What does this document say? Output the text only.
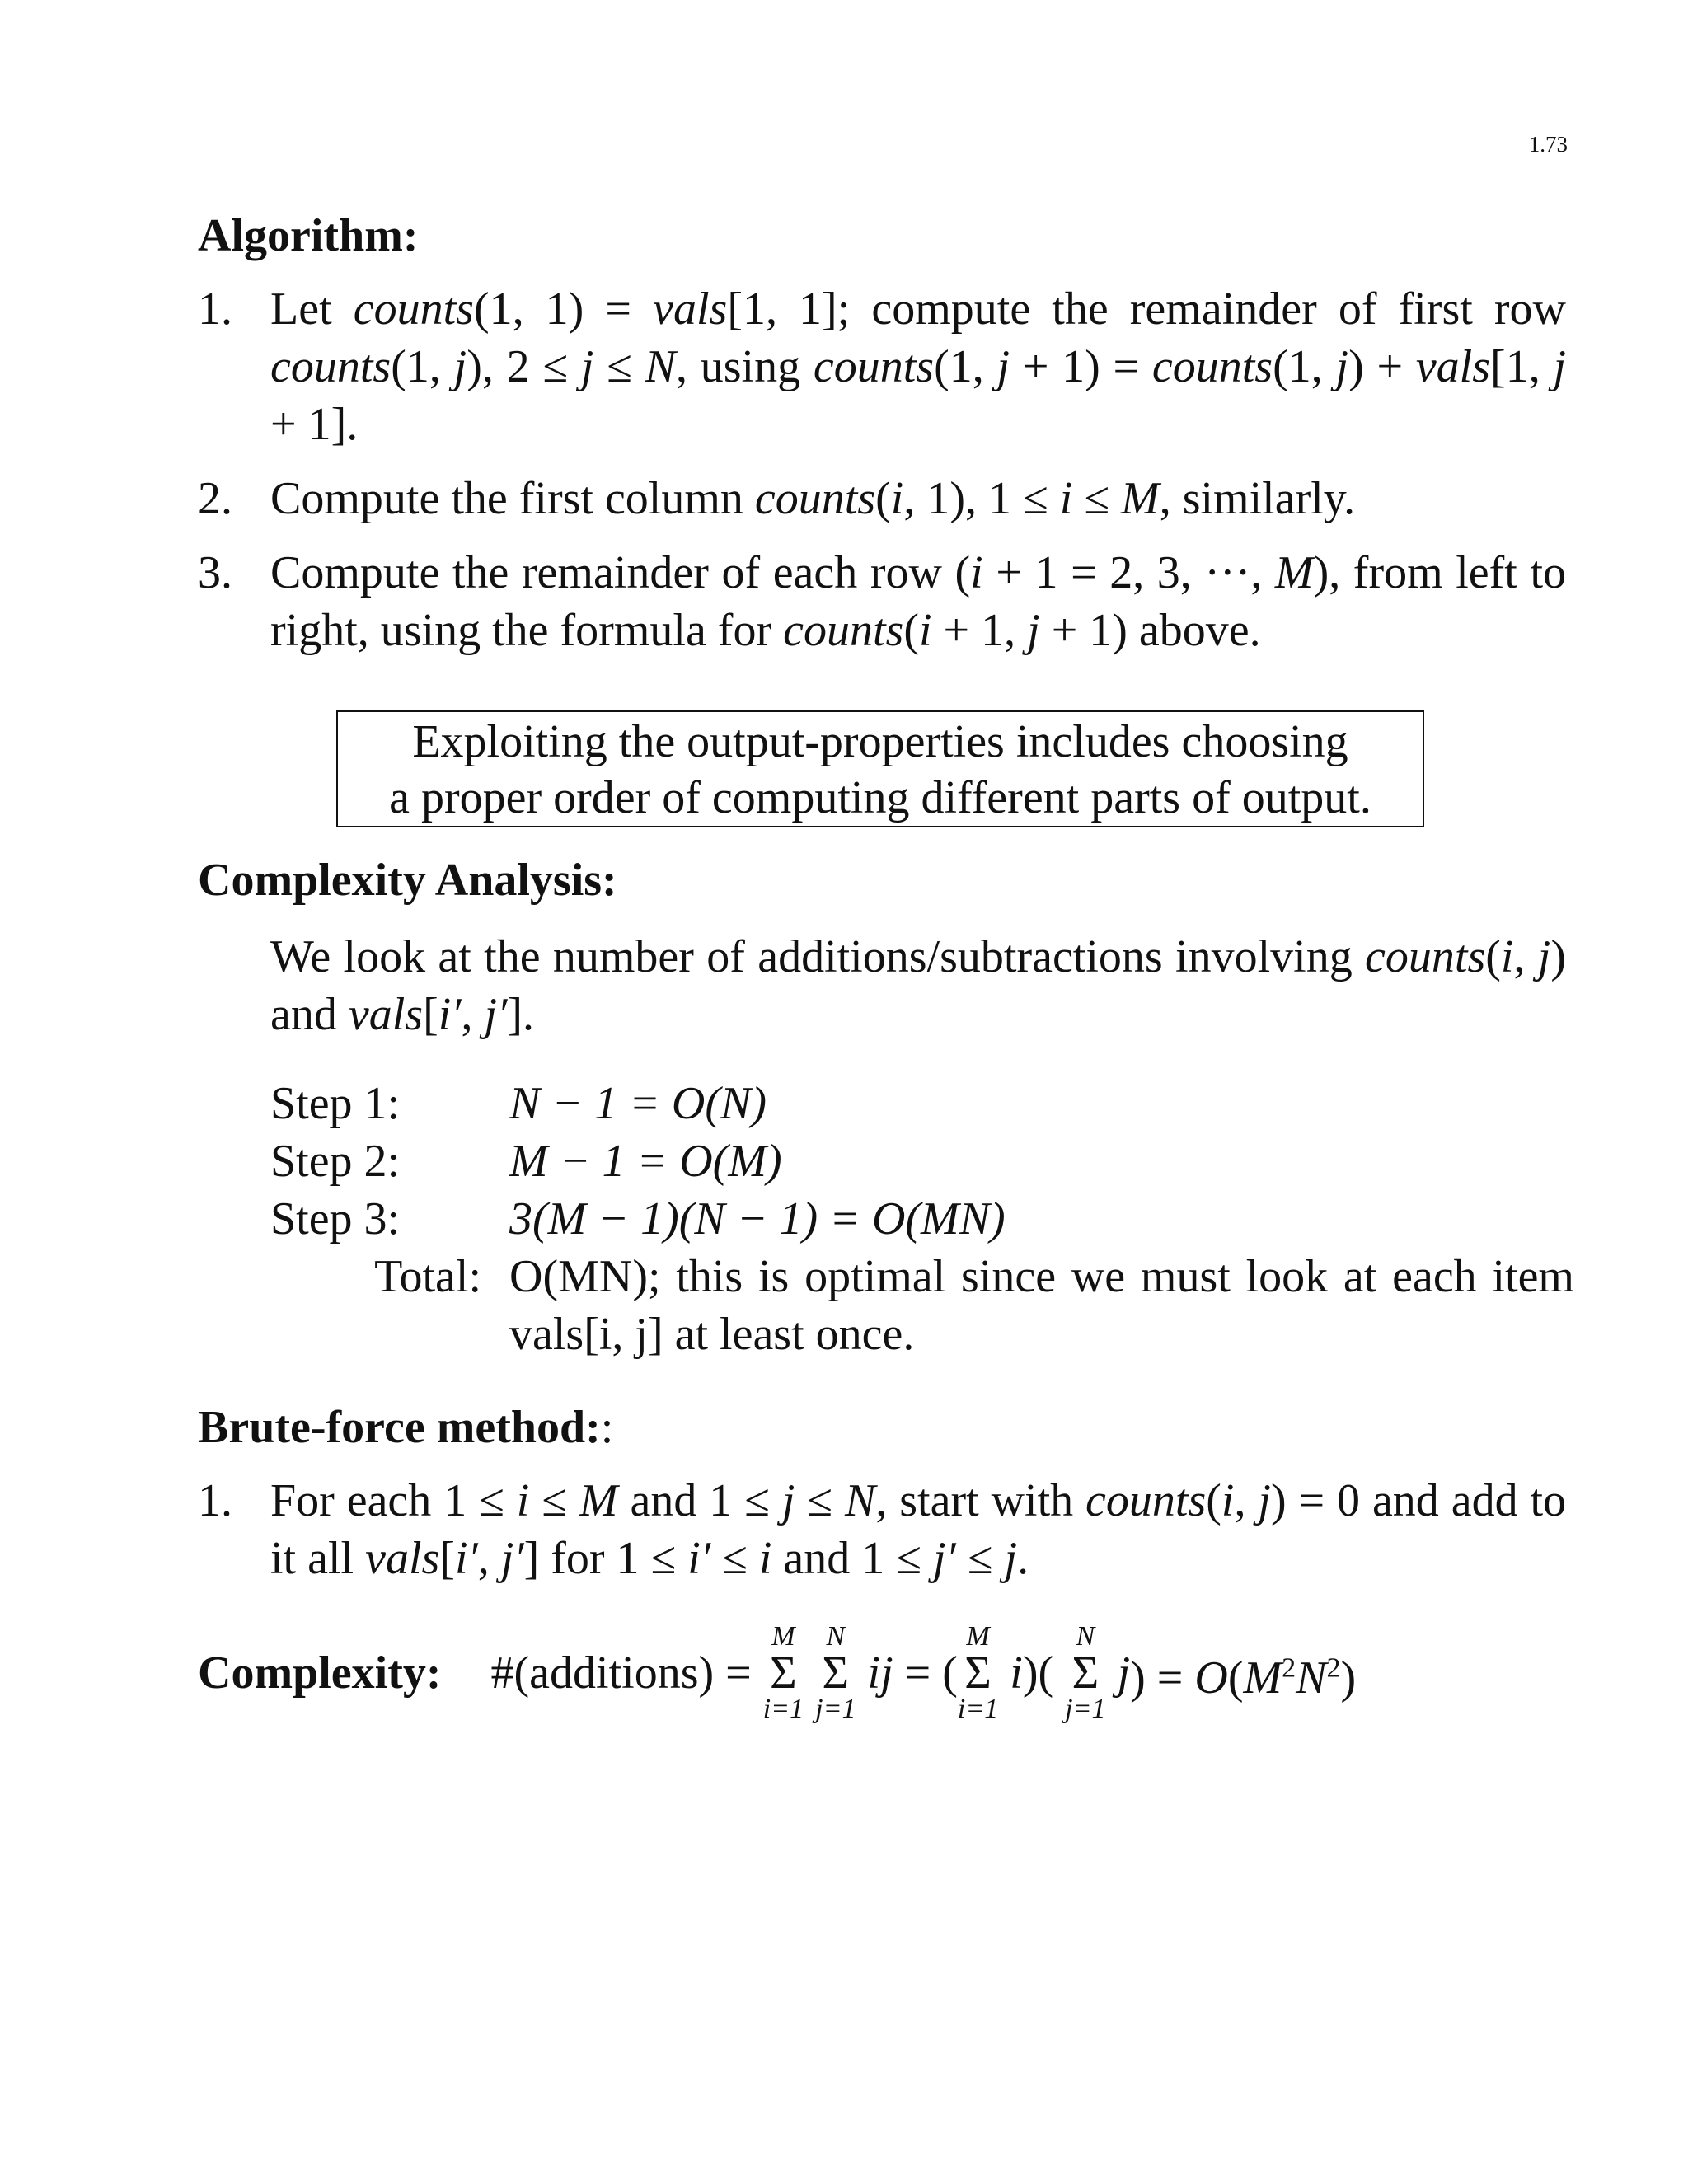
1.73
Algorithm:
1. Let counts(1, 1) = vals[1, 1]; compute the remainder of first row counts(1, j), 2 ≤ j ≤ N, using counts(1, j + 1) = counts(1, j) + vals[1, j + 1].
2. Compute the first column counts(i, 1), 1 ≤ i ≤ M, similarly.
3. Compute the remainder of each row (i + 1 = 2, 3, ···, M), from left to right, using the formula for counts(i + 1, j + 1) above.
Exploiting the output-properties includes choosing
a proper order of computing different parts of output.
Complexity Analysis:
We look at the number of additions/subtractions involving counts(i, j) and vals[i′, j′].
Step 1:	N − 1 = O(N)
Step 2:	M − 1 = O(M)
Step 3:	3(M − 1)(N − 1) = O(MN)
Total:	O(MN); this is optimal since we must look at each item vals[i, j] at least once.
Brute-force method::
1. For each 1 ≤ i ≤ M and 1 ≤ j ≤ N, start with counts(i, j) = 0 and add to it all vals[i′, j′] for 1 ≤ i′ ≤ i and 1 ≤ j′ ≤ j.
Complexity: #(additions) =
M
Σ
i=1

N
Σ
j=1
ij = (
M
Σ
i=1
i)(
N
Σ
j=1
$j) = O(M^2N^2)$
